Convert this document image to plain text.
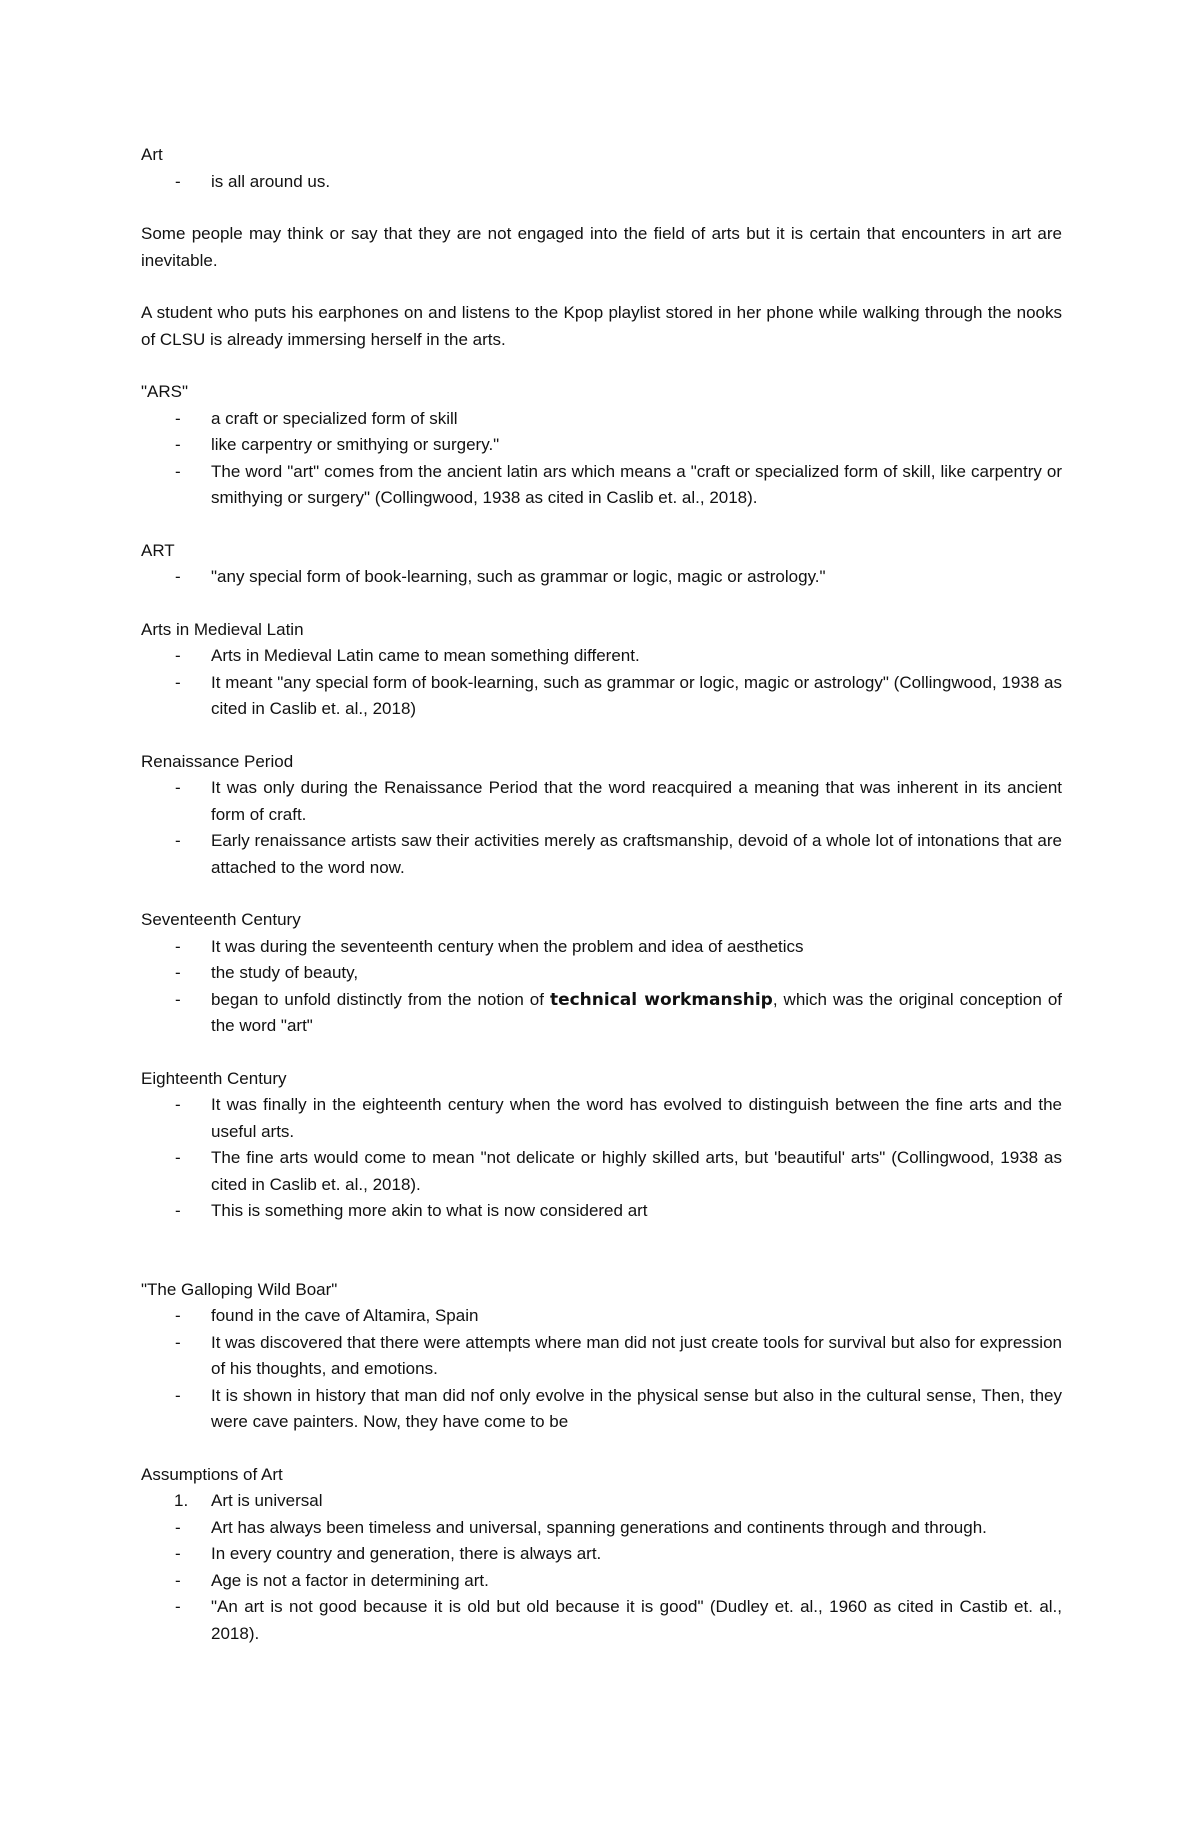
Art

- is all around us.

Some people may think or say that they are not engaged into the field of arts but it is certain that encounters in art are inevitable.

A student who puts his earphones on and listens to the Kpop playlist stored in her phone while walking through the nooks of CLSU is already immersing herself in the arts.

"ARS"

- a craft or specialized form of skill
- like carpentry or smithying or surgery."
- The word "art" comes from the ancient latin ars which means a "craft or specialized form of skill, like carpentry or smithying or surgery" (Collingwood, 1938 as cited in Caslib et. al., 2018).

ART

- "any special form of book-learning, such as grammar or logic, magic or astrology."

Arts in Medieval Latin

- Arts in Medieval Latin came to mean something different.
- It meant "any special form of book-learning, such as grammar or logic, magic or astrology" (Collingwood, 1938 as cited in Caslib et. al., 2018)

Renaissance Period

- It was only during the Renaissance Period that the word reacquired a meaning that was inherent in its ancient form of craft.
- Early renaissance artists saw their activities merely as craftsmanship, devoid of a whole lot of intonations that are attached to the word now.

Seventeenth Century

- It was during the seventeenth century when the problem and idea of aesthetics
- the study of beauty,
- began to unfold distinctly from the notion of technical workmanship, which was the original conception of the word "art"

Eighteenth Century

- It was finally in the eighteenth century when the word has evolved to distinguish between the fine arts and the useful arts.
- The fine arts would come to mean "not delicate or highly skilled arts, but 'beautiful' arts" (Collingwood, 1938 as cited in Caslib et. al., 2018).
- This is something more akin to what is now considered art

"The Galloping Wild Boar"

- found in the cave of Altamira, Spain
- It was discovered that there were attempts where man did not just create tools for survival but also for expression of his thoughts, and emotions.
- It is shown in history that man did nof only evolve in the physical sense but also in the cultural sense, Then, they were cave painters. Now, they have come to be

Assumptions of Art

1. Art is universal
- Art has always been timeless and universal, spanning generations and continents through and through.
- In every country and generation, there is always art.
- Age is not a factor in determining art.
- "An art is not good because it is old but old because it is good" (Dudley et. al., 1960 as cited in Castib et. al., 2018).
